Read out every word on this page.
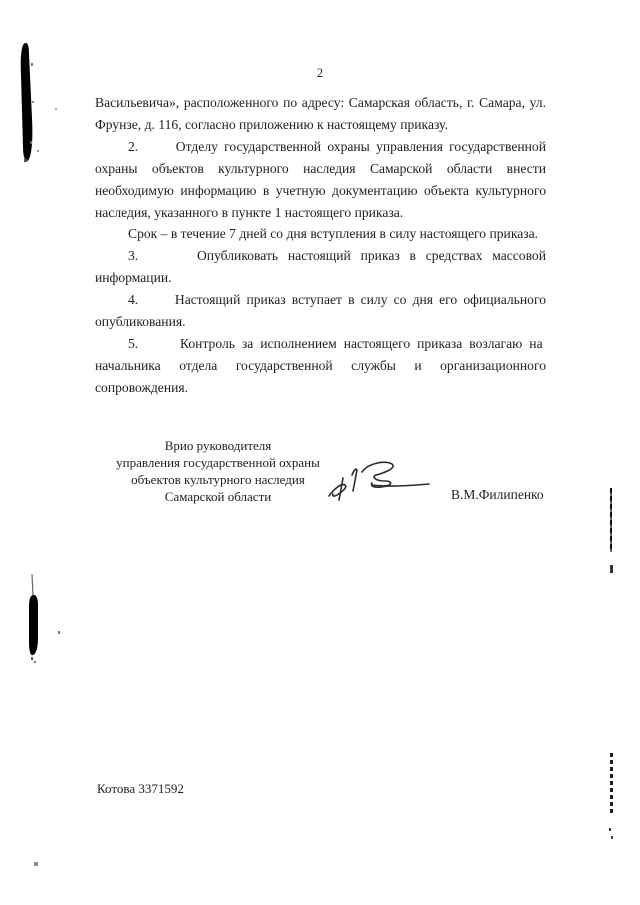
2

Васильевича», расположенного по адресу: Самарская область, г. Самара, ул. Фрунзе, д. 116, согласно приложению к настоящему приказу.

2.      Отделу государственной охраны управления государственной охраны объектов культурного наследия Самарской области внести необходимую информацию в учетную документацию объекта культурного наследия, указанного в пункте 1 настоящего приказа.

Срок – в течение 7 дней со дня вступления в силу настоящего приказа.

3.      Опубликовать настоящий приказ в средствах массовой информации.

4.      Настоящий приказ вступает в силу со дня его официального опубликования.

5.      Контроль за исполнением настоящего приказа возлагаю на  начальника отдела государственной службы и организационного сопровождения.

Врио руководителя
управления государственной охраны
объектов культурного наследия
Самарской области	В.М.Филипенко
Котова 3371592
